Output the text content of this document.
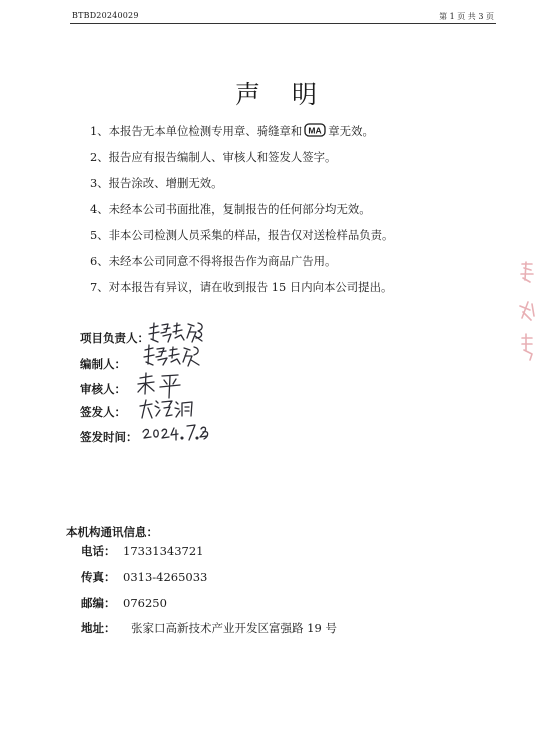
BTBD20240029	第 1 页 共 3 页
声明
1、本报告无本单位检测专用章、骑缝章和 MA 章无效。
2、报告应有报告编制人、审核人和签发人签字。
3、报告涂改、增删无效。
4、未经本公司书面批准，复制报告的任何部分均无效。
5、非本公司检测人员采集的样品，报告仅对送检样品负责。
6、未经本公司同意不得将报告作为商品广告用。
7、对本报告有异议，请在收到报告 15 日内向本公司提出。
项目负责人：
编制人：
审核人：
签发人：
签发时间：
本机构通讯信息：
电话： 17331343721
传真： 0313-4265033
邮编： 076250
地址： 张家口高新技术产业开发区富强路 19 号
